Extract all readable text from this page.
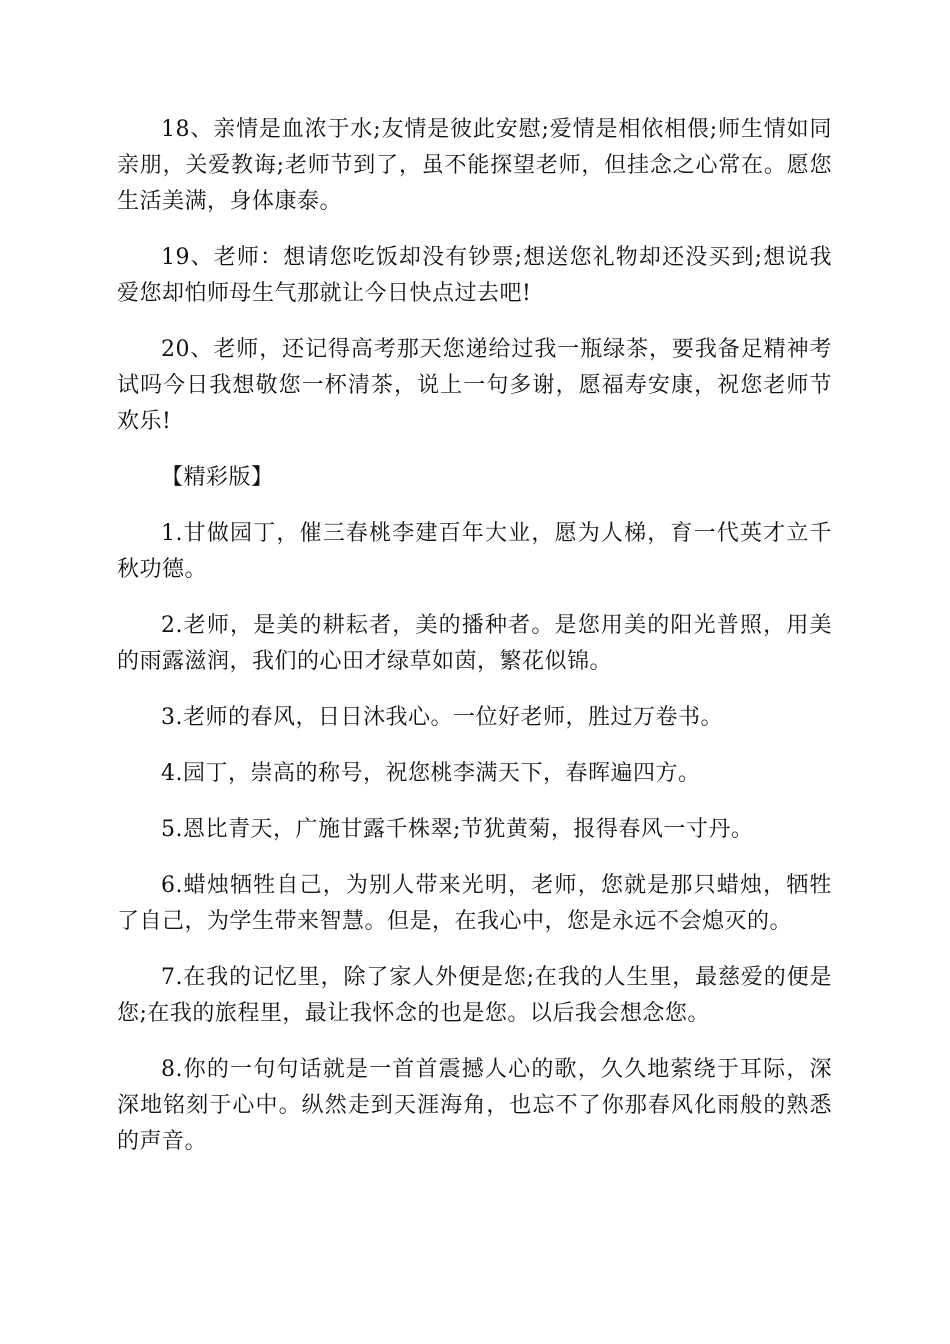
18、亲情是血浓于水;友情是彼此安慰;爱情是相依相偎;师生情如同亲朋，关爱教诲;老师节到了，虽不能探望老师，但挂念之心常在。愿您生活美满，身体康泰。

19、老师：想请您吃饭却没有钞票;想送您礼物却还没买到;想说我爱您却怕师母生气那就让今日快点过去吧!

20、老师，还记得高考那天您递给过我一瓶绿茶，要我备足精神考试吗今日我想敬您一杯清茶，说上一句多谢，愿福寿安康，祝您老师节欢乐!

【精彩版】

1.甘做园丁，催三春桃李建百年大业，愿为人梯，育一代英才立千秋功德。

2.老师，是美的耕耘者，美的播种者。是您用美的阳光普照，用美的雨露滋润，我们的心田才绿草如茵，繁花似锦。

3.老师的春风，日日沐我心。一位好老师，胜过万卷书。

4.园丁，崇高的称号，祝您桃李满天下，春晖遍四方。

5.恩比青天，广施甘露千株翠;节犹黄菊，报得春风一寸丹。

6.蜡烛牺牲自己，为别人带来光明，老师，您就是那只蜡烛，牺牲了自己，为学生带来智慧。但是，在我心中，您是永远不会熄灭的。

7.在我的记忆里，除了家人外便是您;在我的人生里，最慈爱的便是您;在我的旅程里，最让我怀念的也是您。以后我会想念您。

8.你的一句句话就是一首首震撼人心的歌，久久地萦绕于耳际，深深地铭刻于心中。纵然走到天涯海角，也忘不了你那春风化雨般的熟悉的声音。
